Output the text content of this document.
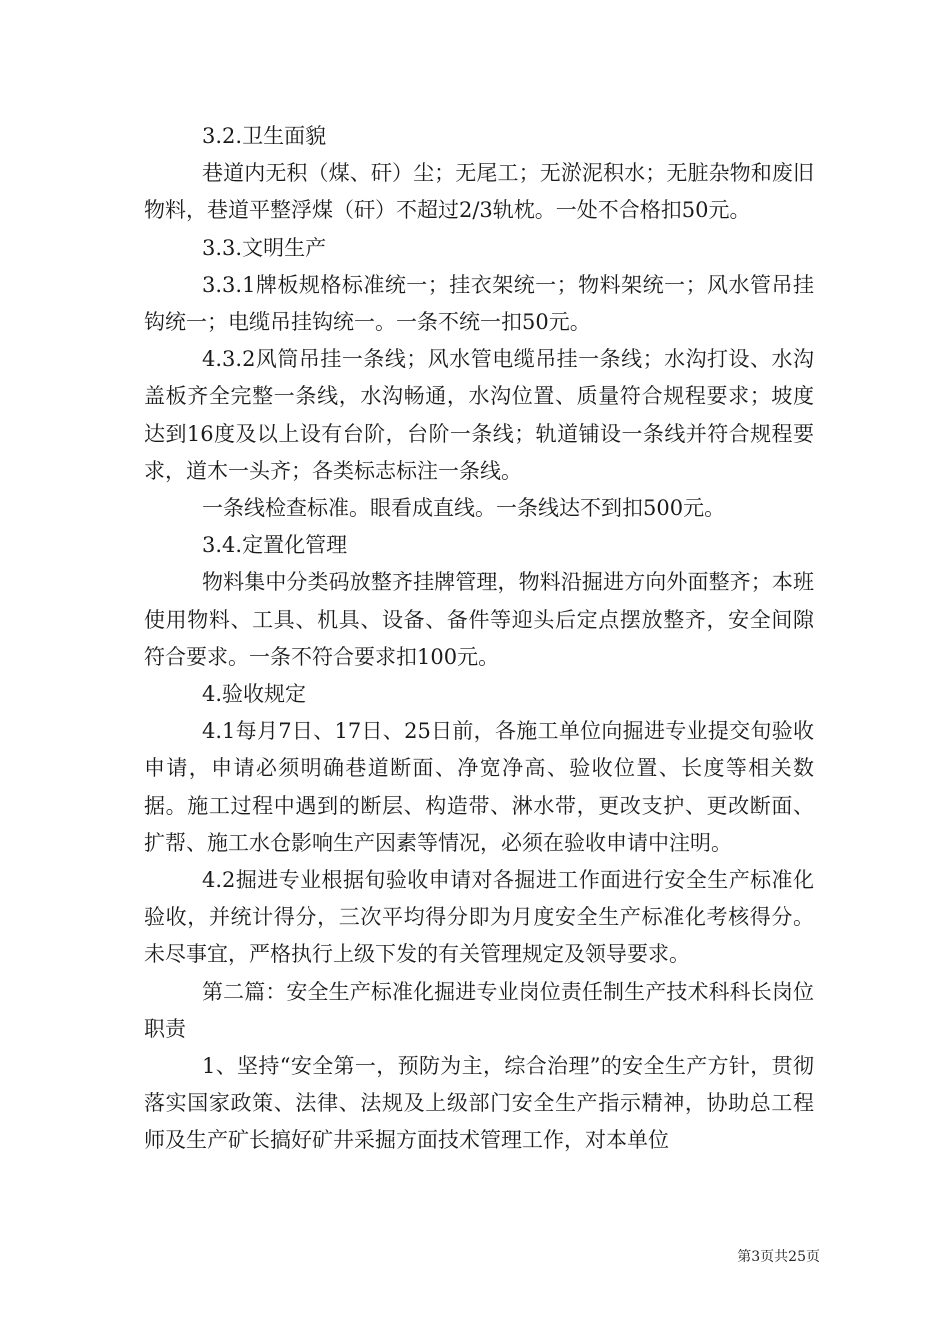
3.2.卫生面貌

巷道内无积（煤、矸）尘；无尾工；无淤泥积水；无脏杂物和废旧物料，巷道平整浮煤（矸）不超过2/3轨枕。一处不合格扣50元。

3.3.文明生产

3.3.1牌板规格标准统一；挂衣架统一；物料架统一；风水管吊挂钩统一；电缆吊挂钩统一。一条不统一扣50元。

4.3.2风筒吊挂一条线；风水管电缆吊挂一条线；水沟打设、水沟盖板齐全完整一条线，水沟畅通，水沟位置、质量符合规程要求；坡度达到16度及以上设有台阶，台阶一条线；轨道铺设一条线并符合规程要求，道木一头齐；各类标志标注一条线。

一条线检查标准。眼看成直线。一条线达不到扣500元。

3.4.定置化管理

物料集中分类码放整齐挂牌管理，物料沿掘进方向外面整齐；本班使用物料、工具、机具、设备、备件等迎头后定点摆放整齐，安全间隙符合要求。一条不符合要求扣100元。

4.验收规定

4.1每月7日、17日、25日前，各施工单位向掘进专业提交旬验收申请，申请必须明确巷道断面、净宽净高、验收位置、长度等相关数据。施工过程中遇到的断层、构造带、淋水带，更改支护、更改断面、扩帮、施工水仓影响生产因素等情况，必须在验收申请中注明。

4.2掘进专业根据旬验收申请对各掘进工作面进行安全生产标准化验收，并统计得分，三次平均得分即为月度安全生产标准化考核得分。未尽事宜，严格执行上级下发的有关管理规定及领导要求。

第二篇：安全生产标准化掘进专业岗位责任制生产技术科科长岗位职责

1、坚持“安全第一，预防为主，综合治理”的安全生产方针，贯彻落实国家政策、法律、法规及上级部门安全生产指示精神，协助总工程师及生产矿长搞好矿井采掘方面技术管理工作，对本单位

第3页共25页
